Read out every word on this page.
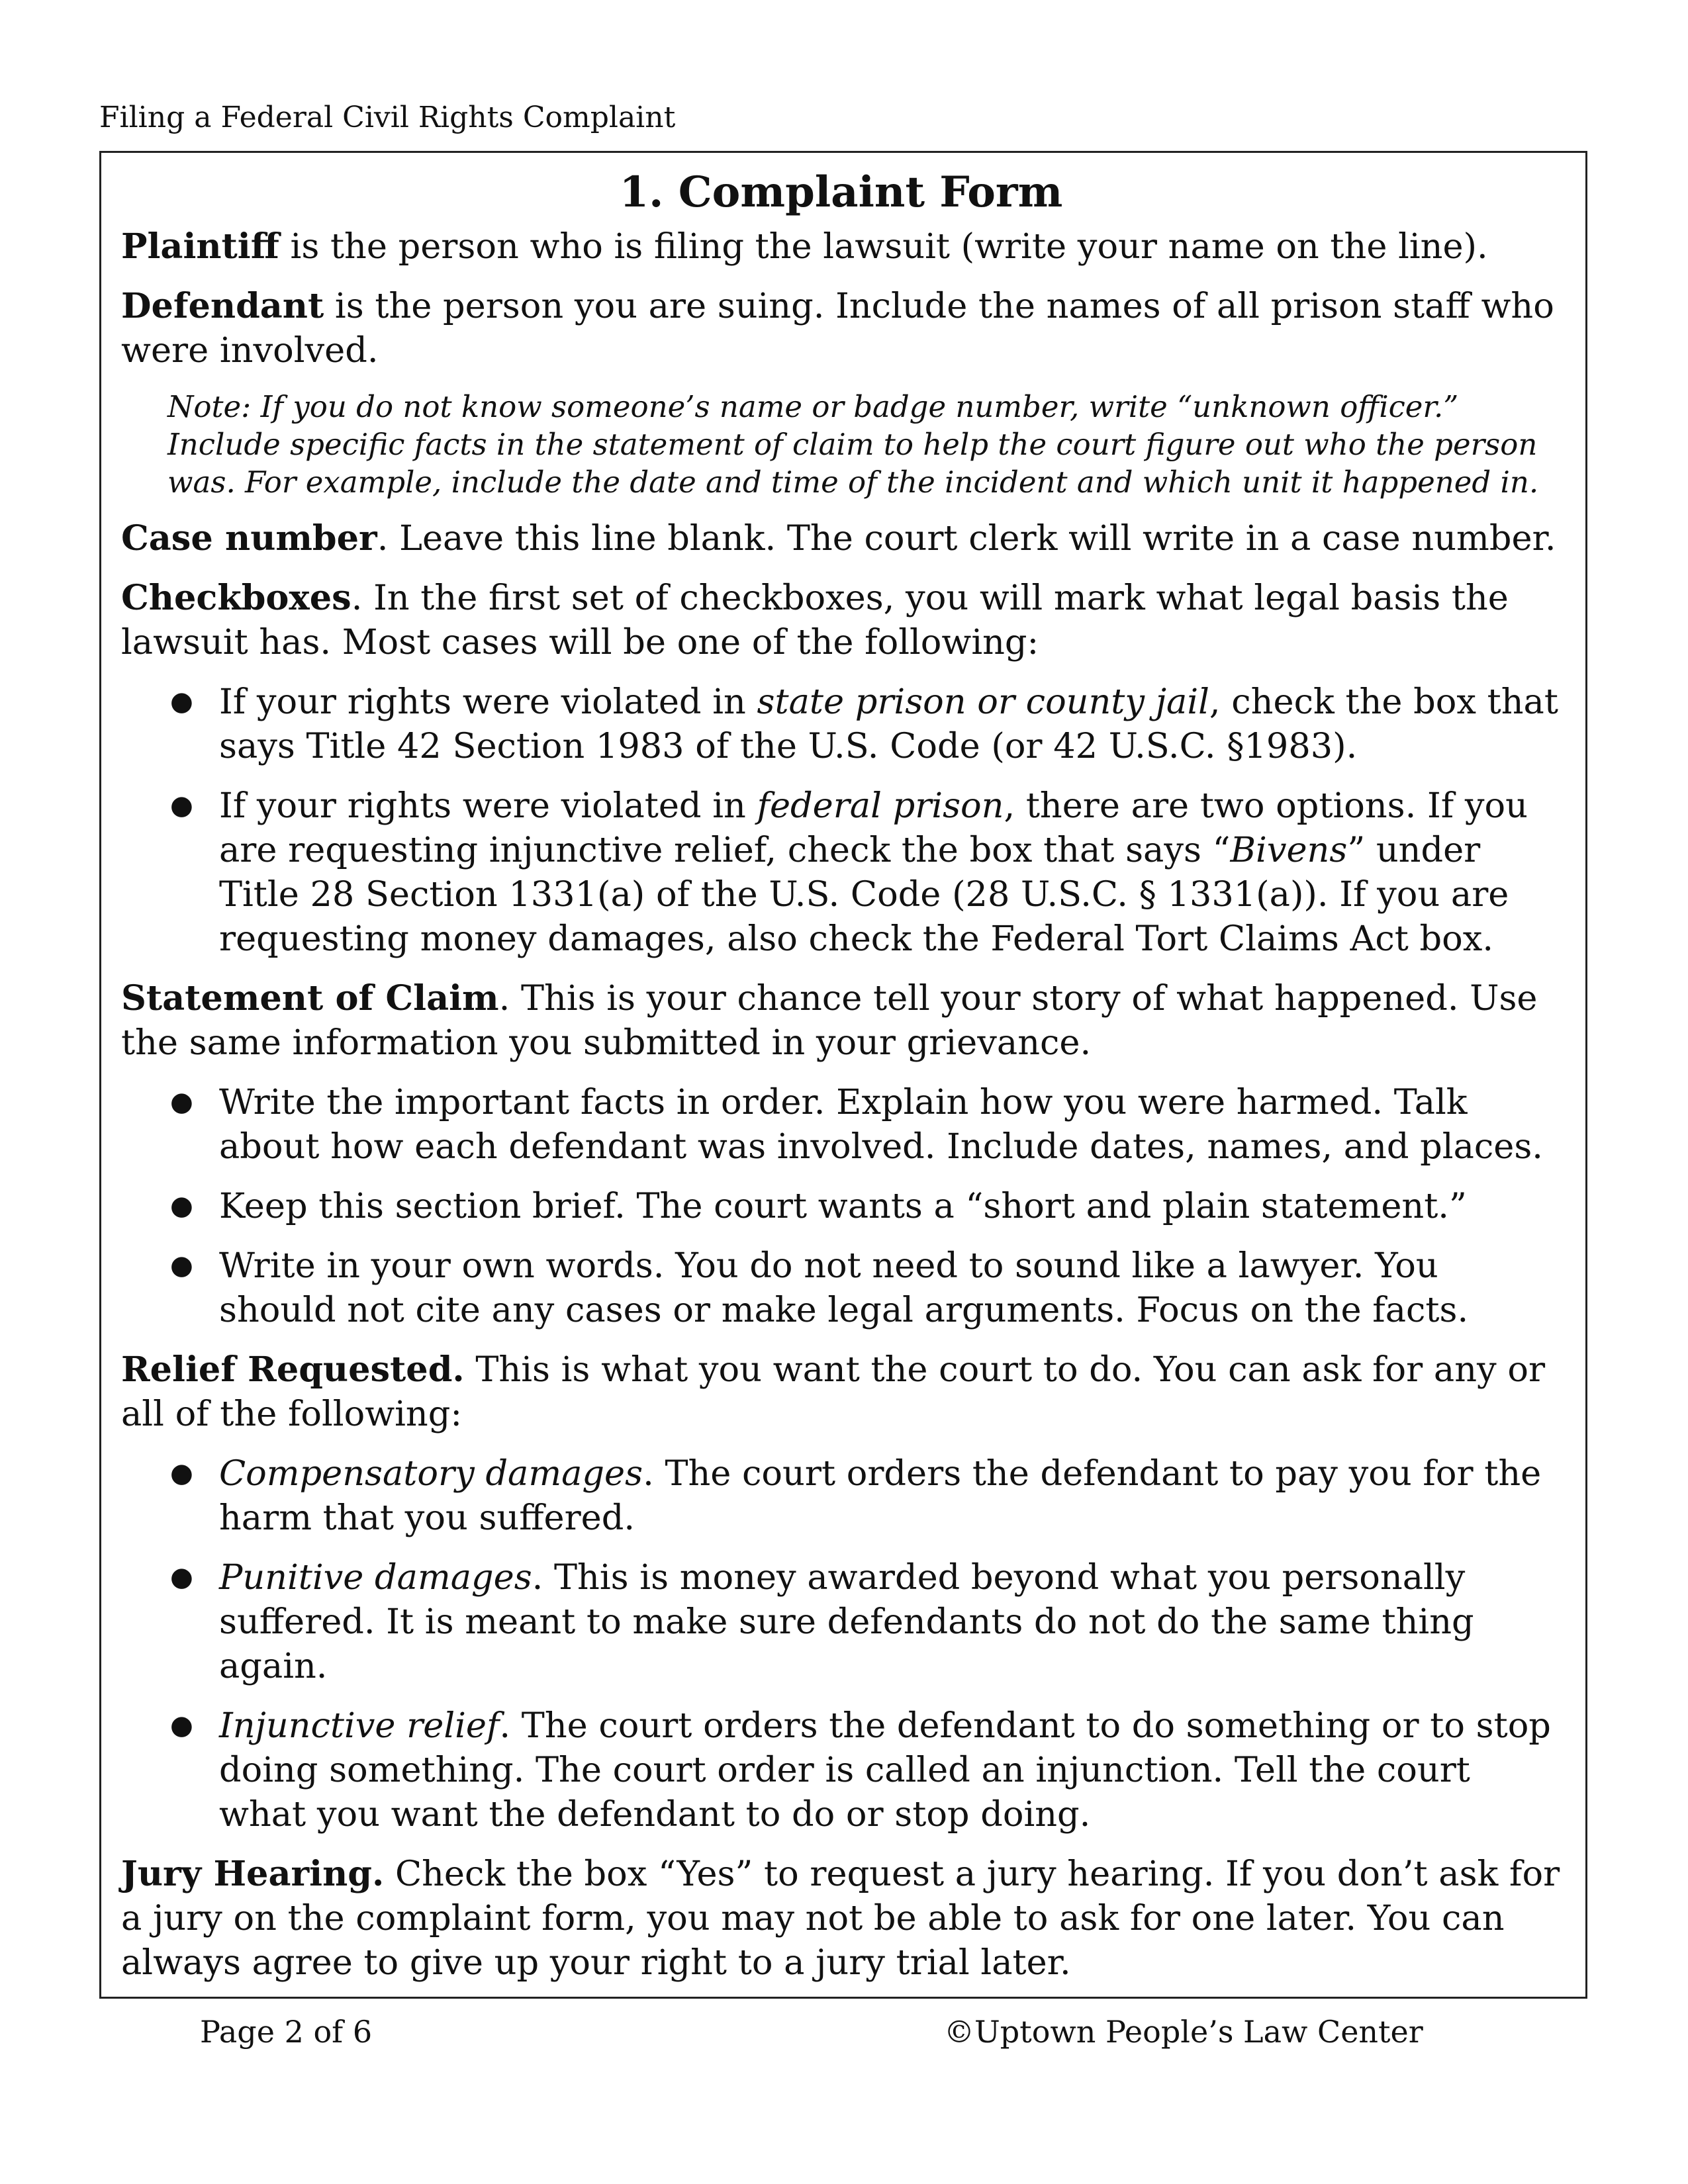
Filing a Federal Civil Rights Complaint
1. Complaint Form

Plaintiff is the person who is filing the lawsuit (write your name on the line).

Defendant is the person you are suing. Include the names of all prison staff who were involved.

Note: If you do not know someone’s name or badge number, write “unknown officer.” Include specific facts in the statement of claim to help the court figure out who the person was. For example, include the date and time of the incident and which unit it happened in.

Case number. Leave this line blank. The court clerk will write in a case number.

Checkboxes. In the first set of checkboxes, you will mark what legal basis the lawsuit has. Most cases will be one of the following:

● If your rights were violated in state prison or county jail, check the box that says Title 42 Section 1983 of the U.S. Code (or 42 U.S.C. §1983).
● If your rights were violated in federal prison, there are two options. If you are requesting injunctive relief, check the box that says “Bivens” under Title 28 Section 1331(a) of the U.S. Code (28 U.S.C. § 1331(a)). If you are requesting money damages, also check the Federal Tort Claims Act box.

Statement of Claim. This is your chance tell your story of what happened. Use the same information you submitted in your grievance.

● Write the important facts in order. Explain how you were harmed. Talk about how each defendant was involved. Include dates, names, and places.
● Keep this section brief. The court wants a “short and plain statement.”
● Write in your own words. You do not need to sound like a lawyer. You should not cite any cases or make legal arguments. Focus on the facts.

Relief Requested. This is what you want the court to do. You can ask for any or all of the following:

● Compensatory damages. The court orders the defendant to pay you for the harm that you suffered.
● Punitive damages. This is money awarded beyond what you personally suffered. It is meant to make sure defendants do not do the same thing again.
● Injunctive relief. The court orders the defendant to do something or to stop doing something. The court order is called an injunction. Tell the court what you want the defendant to do or stop doing.

Jury Hearing. Check the box “Yes” to request a jury hearing. If you don’t ask for a jury on the complaint form, you may not be able to ask for one later. You can always agree to give up your right to a jury trial later.

Page 2 of 6	©Uptown People’s Law Center
